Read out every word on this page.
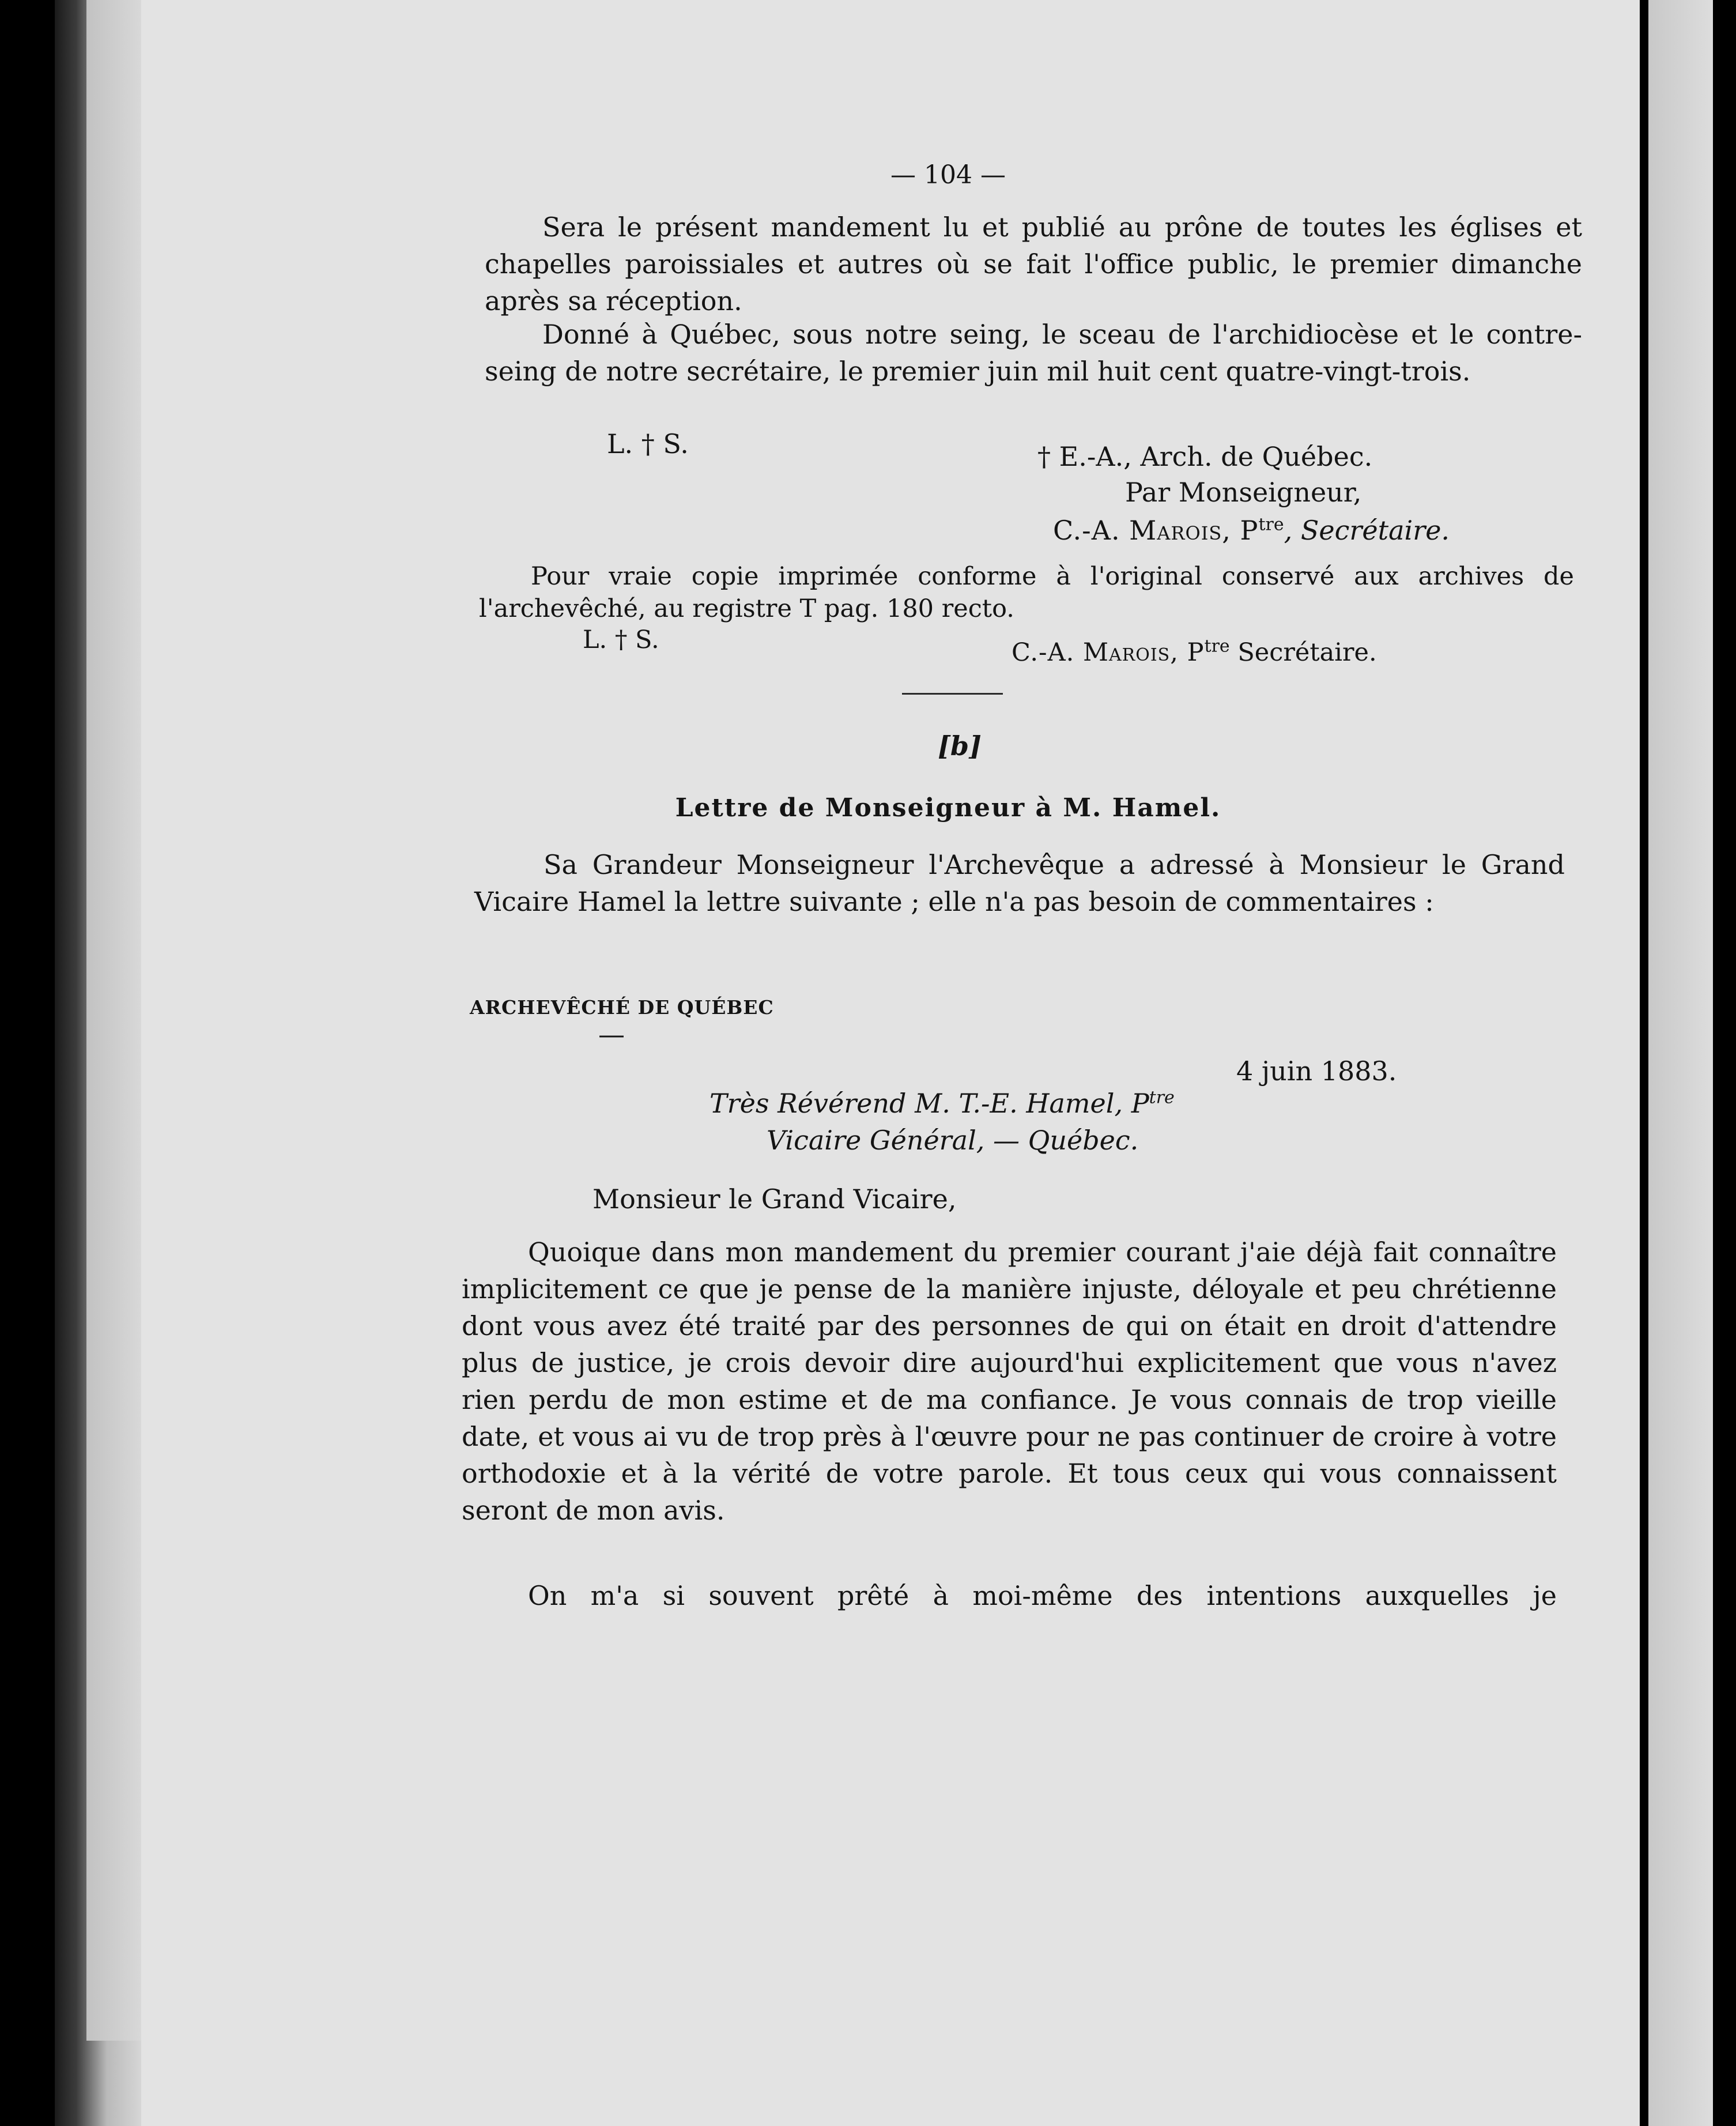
— 104 —

Sera le présent mandement lu et publié au prône de toutes les églises et chapelles paroissiales et autres où se fait l'office public, le premier dimanche après sa réception.

Donné à Québec, sous notre seing, le sceau de l'archidiocèse et le contre-seing de notre secrétaire, le premier juin mil huit cent quatre-vingt-trois.

L. † S.	† E.-A., Arch. de Québec.
Par Monseigneur,
C.-A. Marois, $P^{tre}$, Secrétaire.

Pour vraie copie imprimée conforme à l'original conservé aux archives de l'archevêché, au registre T pag. 180 recto.

L. † S.	C.-A. Marois, $P^{tre}$ Secrétaire.
[b]
Lettre de Monseigneur à M. Hamel.

Sa Grandeur Monseigneur l'Archevêque a adressé à Monsieur le Grand Vicaire Hamel la lettre suivante ; elle n'a pas besoin de commentaires :

ARCHEVÊCHÉ DE QUÉBEC
—
4 juin 1883.
Très Révérend M. T.-E. Hamel, $P^{tre}$
Vicaire Général, — Québec.
Monsieur le Grand Vicaire,

Quoique dans mon mandement du premier courant j'aie déjà fait connaître implicitement ce que je pense de la manière injuste, déloyale et peu chrétienne dont vous avez été traité par des personnes de qui on était en droit d'attendre plus de justice, je crois devoir dire aujourd'hui explicitement que vous n'avez rien perdu de mon estime et de ma confiance. Je vous connais de trop vieille date, et vous ai vu de trop près à l'œuvre pour ne pas continuer de croire à votre orthodoxie et à la vérité de votre parole. Et tous ceux qui vous connaissent seront de mon avis.

On m'a si souvent prêté à moi-même des intentions auxquelles je
